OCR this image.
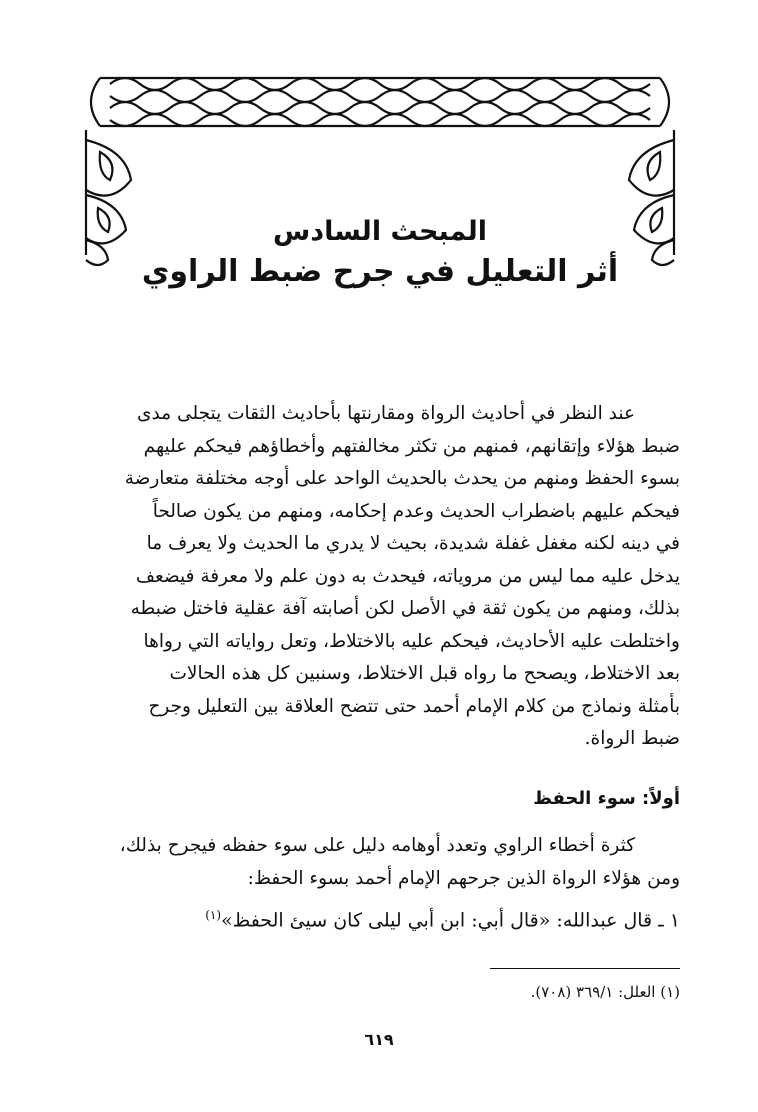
المبحث السادس
أثر التعليل في جرح ضبط الراوي

عند النظر في أحاديث الرواة ومقارنتها بأحاديث الثقات يتجلى مدى

ضبط هؤلاء وإتقانهم، فمنهم من تكثر مخالفتهم وأخطاؤهم فيحكم عليهم
بسوء الحفظ ومنهم من يحدث بالحديث الواحد على أوجه مختلفة متعارضة
فيحكم عليهم باضطراب الحديث وعدم إحكامه، ومنهم من يكون صالحاً
في دينه لكنه مغفل غفلة شديدة، بحيث لا يدري ما الحديث ولا يعرف ما
يدخل عليه مما ليس من مروياته، فيحدث به دون علم ولا معرفة فيضعف
بذلك، ومنهم من يكون ثقة في الأصل لكن أصابته آفة عقلية فاختل ضبطه
واختلطت عليه الأحاديث، فيحكم عليه بالاختلاط، وتعل رواياته التي رواها
بعد الاختلاط، ويصحح ما رواه قبل الاختلاط، وسنبين كل هذه الحالات
بأمثلة ونماذج من كلام الإمام أحمد حتى تتضح العلاقة بين التعليل وجرح
ضبط الرواة.
أولاً: سوء الحفظ

كثرة أخطاء الراوي وتعدد أوهامه دليل على سوء حفظه فيجرح بذلك،

ومن هؤلاء الرواة الذين جرحهم الإمام أحمد بسوء الحفظ:
١ ـ قال عبدالله: «قال أبي: ابن أبي ليلى كان سيئ الحفظ»$^{(١)}$
(١) العلل: ٣٦٩/١ (٧٠٨).
٦١٩
